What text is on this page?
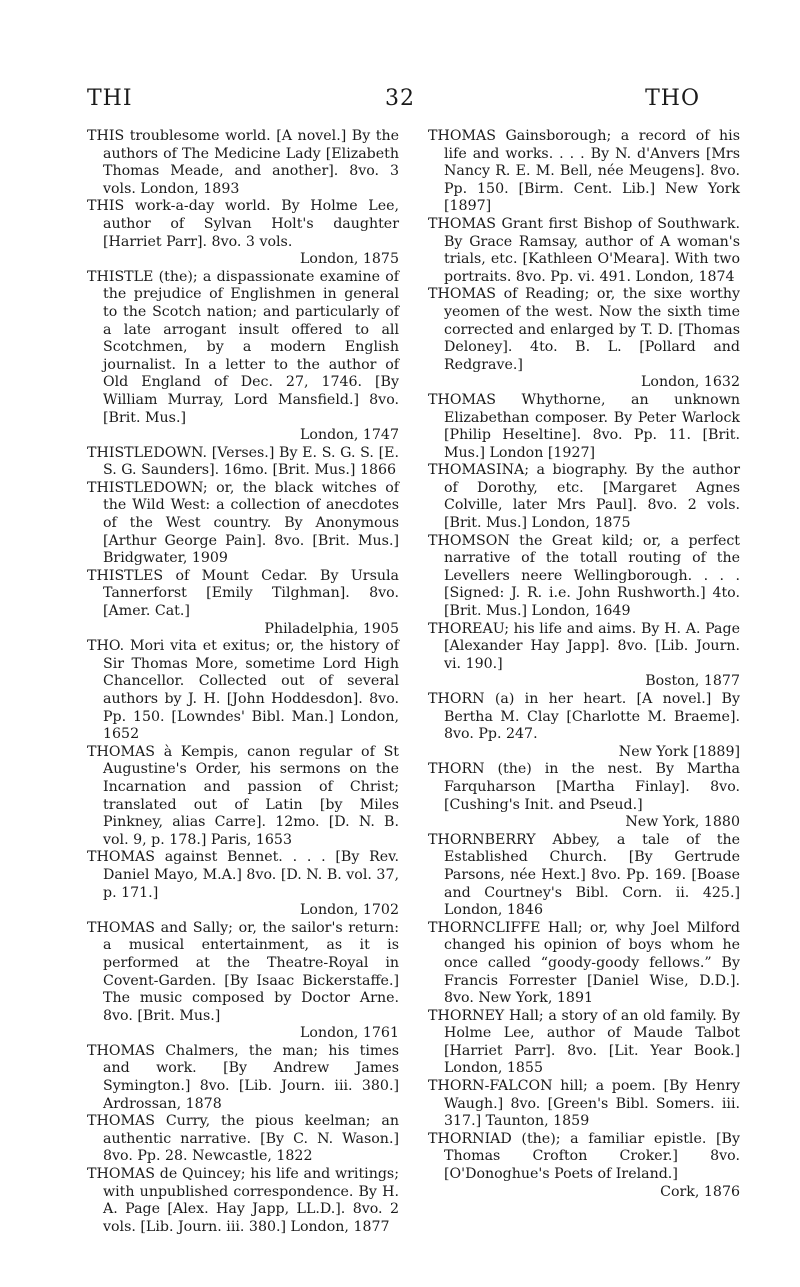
THI	32	THO

THIS troublesome world. [A novel.] By the authors of The Medicine Lady [Elizabeth Thomas Meade, and another]. 8vo. 3 vols. London, 1893

THIS work-a-day world. By Holme Lee, author of Sylvan Holt's daughter [Harriet Parr]. 8vo. 3 vols.
London, 1875

THISTLE (the); a dispassionate examine of the prejudice of Englishmen in general to the Scotch nation; and particularly of a late arrogant insult offered to all Scotchmen, by a modern English journalist. In a letter to the author of Old England of Dec. 27, 1746. [By William Murray, Lord Mansfield.] 8vo. [Brit. Mus.]
London, 1747

THISTLEDOWN. [Verses.] By E. S. G. S. [E. S. G. Saunders]. 16mo. [Brit. Mus.] 1866

THISTLEDOWN; or, the black witches of the Wild West: a collection of anecdotes of the West country. By Anonymous [Arthur George Pain]. 8vo. [Brit. Mus.] Bridgwater, 1909

THISTLES of Mount Cedar. By Ursula Tannerforst [Emily Tilghman]. 8vo. [Amer. Cat.]
Philadelphia, 1905

THO. Mori vita et exitus; or, the history of Sir Thomas More, sometime Lord High Chancellor. Collected out of several authors by J. H. [John Hoddesdon]. 8vo. Pp. 150. [Lowndes' Bibl. Man.] London, 1652

THOMAS à Kempis, canon regular of St Augustine's Order, his sermons on the Incarnation and passion of Christ; translated out of Latin [by Miles Pinkney, alias Carre]. 12mo. [D. N. B. vol. 9, p. 178.] Paris, 1653

THOMAS against Bennet. . . . [By Rev. Daniel Mayo, M.A.] 8vo. [D. N. B. vol. 37, p. 171.]
London, 1702

THOMAS and Sally; or, the sailor's return: a musical entertainment, as it is performed at the Theatre-Royal in Covent-Garden. [By Isaac Bickerstaffe.] The music composed by Doctor Arne. 8vo. [Brit. Mus.]
London, 1761

THOMAS Chalmers, the man; his times and work. [By Andrew James Symington.] 8vo. [Lib. Journ. iii. 380.] Ardrossan, 1878

THOMAS Curry, the pious keelman; an authentic narrative. [By C. N. Wason.] 8vo. Pp. 28. Newcastle, 1822

THOMAS de Quincey; his life and writings; with unpublished correspondence. By H. A. Page [Alex. Hay Japp, LL.D.]. 8vo. 2 vols. [Lib. Journ. iii. 380.] London, 1877

THOMAS Gainsborough; a record of his life and works. . . . By N. d'Anvers [Mrs Nancy R. E. M. Bell, née Meugens]. 8vo. Pp. 150. [Birm. Cent. Lib.] New York [1897]

THOMAS Grant first Bishop of Southwark. By Grace Ramsay, author of A woman's trials, etc. [Kathleen O'Meara]. With two portraits. 8vo. Pp. vi. 491. London, 1874

THOMAS of Reading; or, the sixe worthy yeomen of the west. Now the sixth time corrected and enlarged by T. D. [Thomas Deloney]. 4to. B. L. [Pollard and Redgrave.]
London, 1632

THOMAS Whythorne, an unknown Elizabethan composer. By Peter Warlock [Philip Heseltine]. 8vo. Pp. 11. [Brit. Mus.] London [1927]

THOMASINA; a biography. By the author of Dorothy, etc. [Margaret Agnes Colville, later Mrs Paul]. 8vo. 2 vols. [Brit. Mus.] London, 1875

THOMSON the Great kild; or, a perfect narrative of the totall routing of the Levellers neere Wellingborough. . . . [Signed: J. R. i.e. John Rushworth.] 4to. [Brit. Mus.] London, 1649

THOREAU; his life and aims. By H. A. Page [Alexander Hay Japp]. 8vo. [Lib. Journ. vi. 190.]
Boston, 1877

THORN (a) in her heart. [A novel.] By Bertha M. Clay [Charlotte M. Braeme]. 8vo. Pp. 247.
New York [1889]

THORN (the) in the nest. By Martha Farquharson [Martha Finlay]. 8vo. [Cushing's Init. and Pseud.]
New York, 1880

THORNBERRY Abbey, a tale of the Established Church. [By Gertrude Parsons, née Hext.] 8vo. Pp. 169. [Boase and Courtney's Bibl. Corn. ii. 425.] London, 1846

THORNCLIFFE Hall; or, why Joel Milford changed his opinion of boys whom he once called “goody-goody fellows.” By Francis Forrester [Daniel Wise, D.D.]. 8vo. New York, 1891

THORNEY Hall; a story of an old family. By Holme Lee, author of Maude Talbot [Harriet Parr]. 8vo. [Lit. Year Book.] London, 1855

THORN-FALCON hill; a poem. [By Henry Waugh.] 8vo. [Green's Bibl. Somers. iii. 317.] Taunton, 1859

THORNIAD (the); a familiar epistle. [By Thomas Crofton Croker.] 8vo. [O'Donoghue's Poets of Ireland.]
Cork, 1876
